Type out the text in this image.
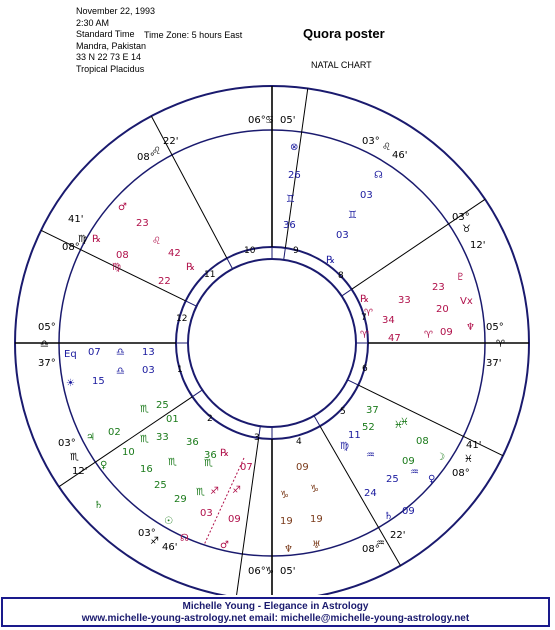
November 22, 1993
2:30 AM
Standard Time
Mandra, Pakistan
33 N 22 73 E 14
Tropical Placidus
Time Zone: 5 hours East	Quora poster
NATAL CHART
05°
37°
♎
41'
08°
♍
08°
22'
♌
06° 05'
♋
03°
46'
♌
03°
12'
♉
05°
37'
♈
41'
08°
♓
08°
22'
♒
06° 05'
♑
03°
46'
♐
03°
12'
♏
1
2
3	4
5
6
7
8
9
10
11
12
⊗
26
♊
36
☊
03
♊
03
℞
♂
23
♌
42
℞
℞
08
♍
22	♇
23
℞	33
♈	20
Vx
34
♈	09 ♆
47 ♈
Eq 07 ♎ 13
☀ 15
♎ 03
25
01
♏
♃ 02	33
♏
10
36
16
♏
♀
25
♄
29
♏
36
☉
♏
℞
07
♐
03
♐
09
♂
☊
09
♑
♑
19 19
♆ ♅
37
52 ♓
08
♓
09 ☽
11
♒
♒
25	♀
24
♄ 09
♍
Michelle Young - Elegance in Astrology
www.michelle-young-astrology.net email: michelle@michelle-young-astrology.net
